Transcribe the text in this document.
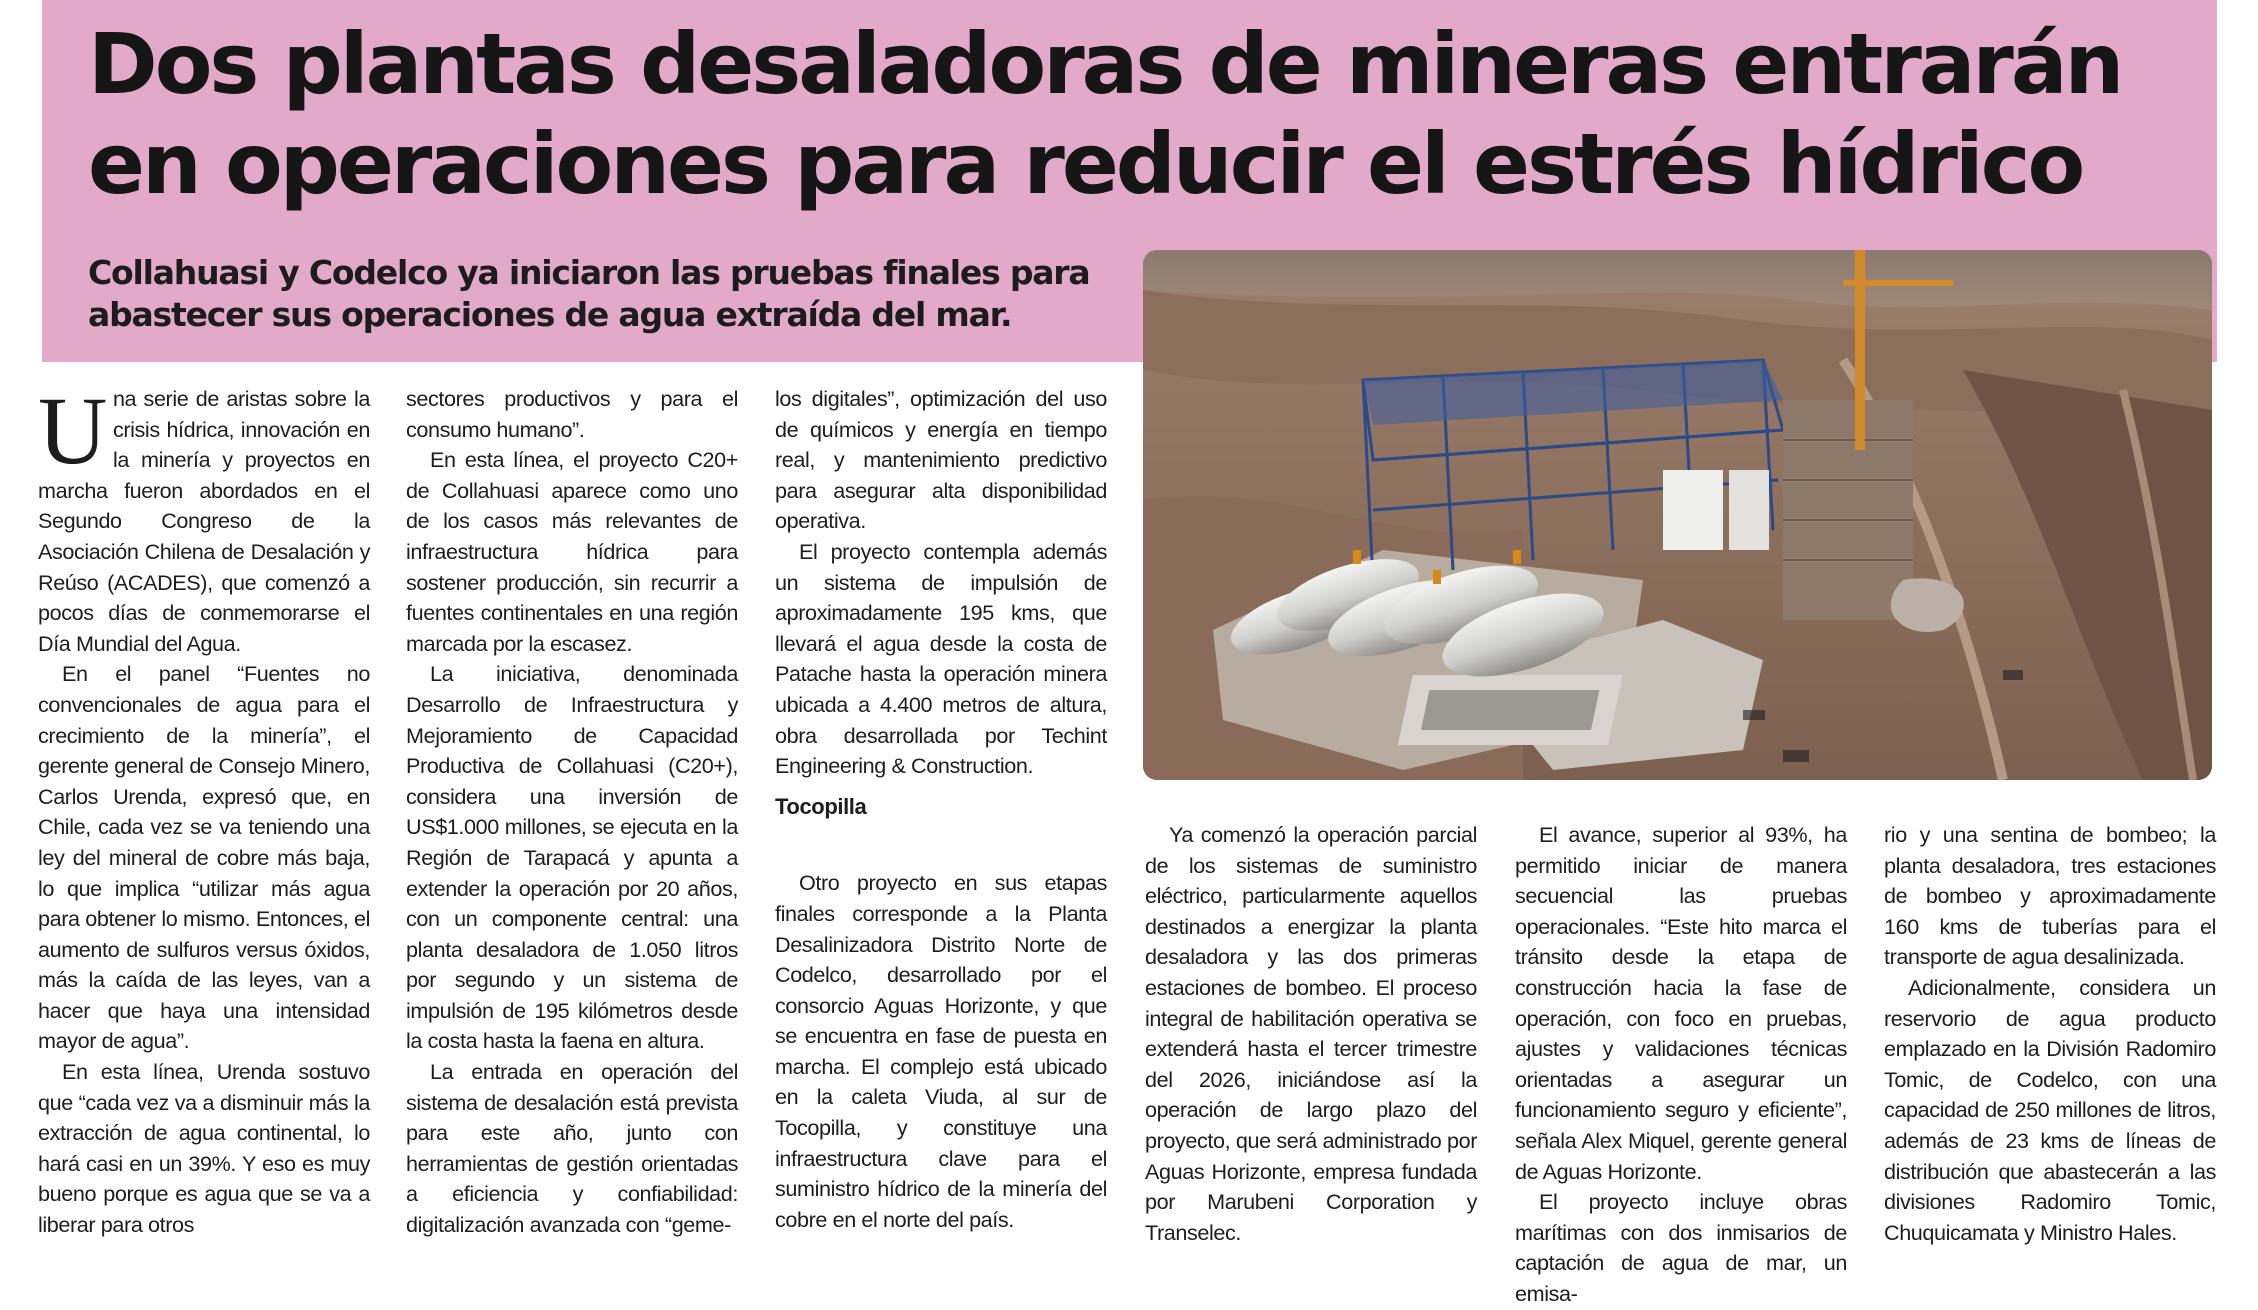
Dos plantas desaladoras de mineras entrarán en operaciones para reducir el estrés hídrico
Collahuasi y Codelco ya iniciaron las pruebas finales para abastecer sus operaciones de agua extraída del mar.
U na serie de aristas sobre la crisis hídrica, innovación en la minería y proyectos en marcha fueron abordados en el Segundo Congreso de la Asociación Chilena de Desalación y Reúso (ACADES), que comenzó a pocos días de conmemorarse el Día Mundial del Agua.

En el panel “Fuentes no convencionales de agua para el crecimiento de la minería”, el gerente general de Consejo Minero, Carlos Urenda, expresó que, en Chile, cada vez se va teniendo una ley del mineral de cobre más baja, lo que implica “utilizar más agua para obtener lo mismo. Entonces, el aumento de sulfuros versus óxidos, más la caída de las leyes, van a hacer que haya una intensidad mayor de agua”.

En esta línea, Urenda sostuvo que “cada vez va a disminuir más la extracción de agua continental, lo hará casi en un 39%. Y eso es muy bueno porque es agua que se va a liberar para otros

sectores productivos y para el consumo humano”.

En esta línea, el proyecto C20+ de Collahuasi aparece como uno de los casos más relevantes de infraestructura hídrica para sostener producción, sin recurrir a fuentes continentales en una región marcada por la escasez.

La iniciativa, denominada Desarrollo de Infraestructura y Mejoramiento de Capacidad Productiva de Collahuasi (C20+), considera una inversión de US$1.000 millones, se ejecuta en la Región de Tarapacá y apunta a extender la operación por 20 años, con un componente central: una planta desaladora de 1.050 litros por segundo y un sistema de impulsión de 195 kilómetros desde la costa hasta la faena en altura.

La entrada en operación del sistema de desalación está prevista para este año, junto con herramientas de gestión orientadas a eficiencia y confiabilidad: digitalización avanzada con “geme-

los digitales”, optimización del uso de químicos y energía en tiempo real, y mantenimiento predictivo para asegurar alta disponibilidad operativa.

El proyecto contempla además un sistema de impulsión de aproximadamente 195 kms, que llevará el agua desde la costa de Patache hasta la operación minera ubicada a 4.400 metros de altura, obra desarrollada por Techint Engineering & Construction.

Tocopilla

Otro proyecto en sus etapas finales corresponde a la Planta Desalinizadora Distrito Norte de Codelco, desarrollado por el consorcio Aguas Horizonte, y que se encuentra en fase de puesta en marcha. El complejo está ubicado en la caleta Viuda, al sur de Tocopilla, y constituye una infraestructura clave para el suministro hídrico de la minería del cobre en el norte del país.

Ya comenzó la operación parcial de los sistemas de suministro eléctrico, particularmente aquellos destinados a energizar la planta desaladora y las dos primeras estaciones de bombeo. El proceso integral de habilitación operativa se extenderá hasta el tercer trimestre del 2026, iniciándose así la operación de largo plazo del proyecto, que será administrado por Aguas Horizonte, empresa fundada por Marubeni Corporation y Transelec.

El avance, superior al 93%, ha permitido iniciar de manera secuencial las pruebas operacionales. “Este hito marca el tránsito desde la etapa de construcción hacia la fase de operación, con foco en pruebas, ajustes y validaciones técnicas orientadas a asegurar un funcionamiento seguro y eficiente”, señala Alex Miquel, gerente general de Aguas Horizonte.

El proyecto incluye obras marítimas con dos inmisarios de captación de agua de mar, un emisa-

rio y una sentina de bombeo; la planta desaladora, tres estaciones de bombeo y aproximadamente 160 kms de tuberías para el transporte de agua desalinizada.

Adicionalmente, considera un reservorio de agua producto emplazado en la División Radomiro Tomic, de Codelco, con una capacidad de 250 millones de litros, además de 23 kms de líneas de distribución que abastecerán a las divisiones Radomiro Tomic, Chuquicamata y Ministro Hales.
